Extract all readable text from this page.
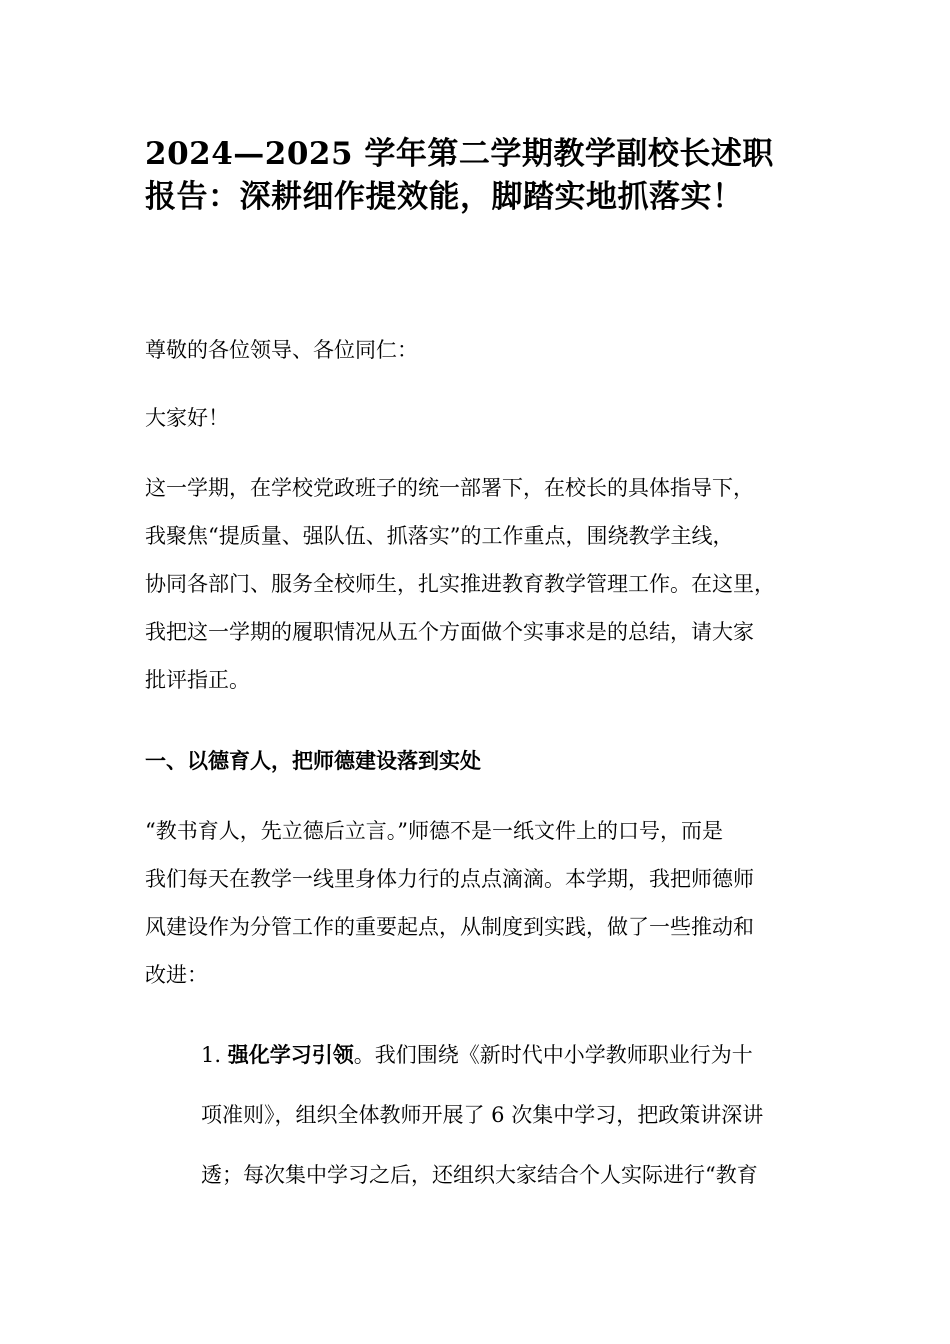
2024—2025 学年第二学期教学副校长述职
报告：深耕细作提效能，脚踏实地抓落实！

尊敬的各位领导、各位同仁：

大家好！

这一学期，在学校党政班子的统一部署下，在校长的具体指导下，
我聚焦“提质量、强队伍、抓落实”的工作重点，围绕教学主线，
协同各部门、服务全校师生，扎实推进教育教学管理工作。在这里，
我把这一学期的履职情况从五个方面做个实事求是的总结，请大家
批评指正。

一、以德育人，把师德建设落到实处

“教书育人，先立德后立言。”师德不是一纸文件上的口号，而是
我们每天在教学一线里身体力行的点点滴滴。本学期，我把师德师
风建设作为分管工作的重要起点，从制度到实践，做了一些推动和
改进：

1. 强化学习引领。我们围绕《新时代中小学教师职业行为十
项准则》，组织全体教师开展了 6 次集中学习，把政策讲深讲
透；每次集中学习之后，还组织大家结合个人实际进行“教育
